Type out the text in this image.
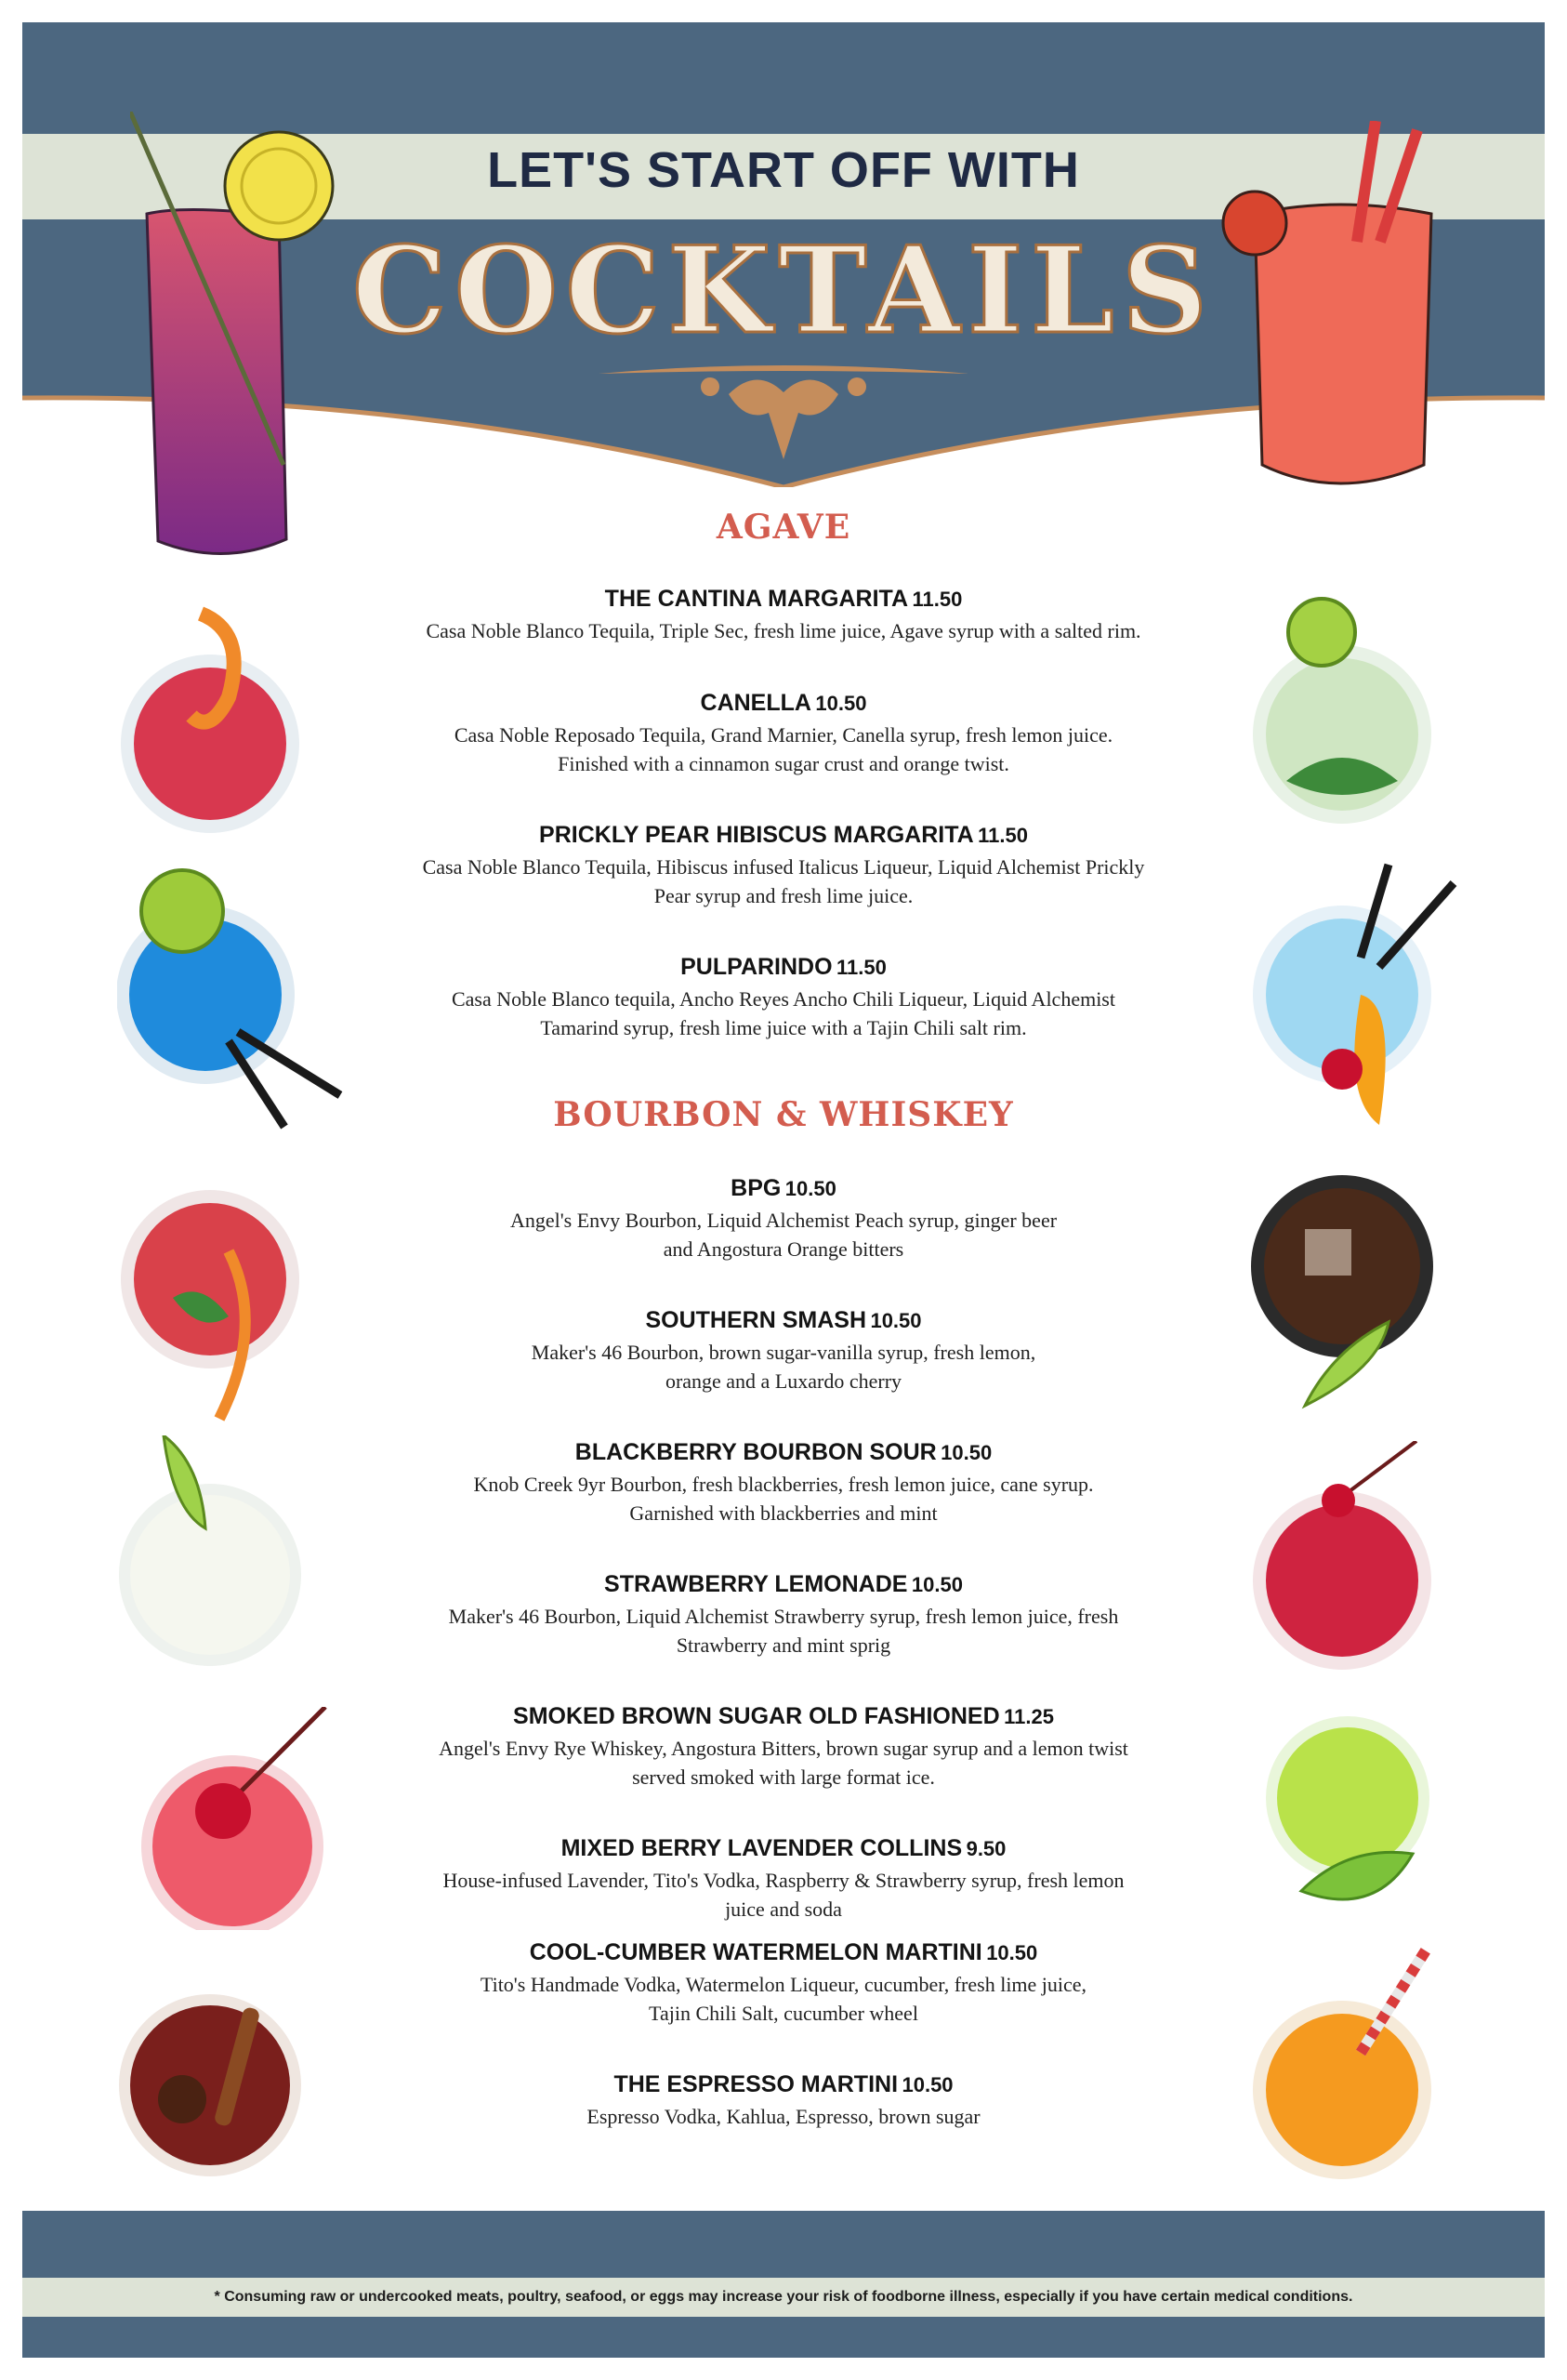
LET'S START OFF WITH
COCKTAILS
AGAVE
BOURBON & WHISKEY
THE CANTINA MARGARITA 11.50
Casa Noble Blanco Tequila, Triple Sec, fresh lime juice, Agave syrup with a salted rim.
CANELLA 10.50
Casa Noble Reposado Tequila, Grand Marnier, Canella syrup, fresh lemon juice.
Finished with a cinnamon sugar crust and orange twist.
PRICKLY PEAR HIBISCUS MARGARITA 11.50
Casa Noble Blanco Tequila, Hibiscus infused Italicus Liqueur, Liquid Alchemist Prickly
Pear syrup and fresh lime juice.
PULPARINDO 11.50
Casa Noble Blanco tequila, Ancho Reyes Ancho Chili Liqueur, Liquid Alchemist
Tamarind syrup, fresh lime juice with a Tajin Chili salt rim.
BPG 10.50
Angel's Envy Bourbon, Liquid Alchemist Peach syrup, ginger beer
and Angostura Orange bitters
SOUTHERN SMASH 10.50
Maker's 46 Bourbon, brown sugar-vanilla syrup, fresh lemon,
orange and a Luxardo cherry
BLACKBERRY BOURBON SOUR 10.50
Knob Creek 9yr Bourbon, fresh blackberries, fresh lemon juice, cane syrup.
Garnished with blackberries and mint
STRAWBERRY LEMONADE 10.50
Maker's 46 Bourbon, Liquid Alchemist Strawberry syrup, fresh lemon juice, fresh
Strawberry and mint sprig
SMOKED BROWN SUGAR OLD FASHIONED 11.25
Angel's Envy Rye Whiskey, Angostura Bitters, brown sugar syrup and a lemon twist
served smoked with large format ice.
MIXED BERRY LAVENDER COLLINS 9.50
House-infused Lavender, Tito's Vodka, Raspberry & Strawberry syrup, fresh lemon
juice and soda
COOL-CUMBER WATERMELON MARTINI 10.50
Tito's Handmade Vodka, Watermelon Liqueur, cucumber, fresh lime juice,
Tajin Chili Salt, cucumber wheel
THE ESPRESSO MARTINI 10.50
Espresso Vodka, Kahlua, Espresso, brown sugar
* Consuming raw or undercooked meats, poultry, seafood, or eggs may increase your risk of foodborne illness, especially if you have certain medical conditions.
